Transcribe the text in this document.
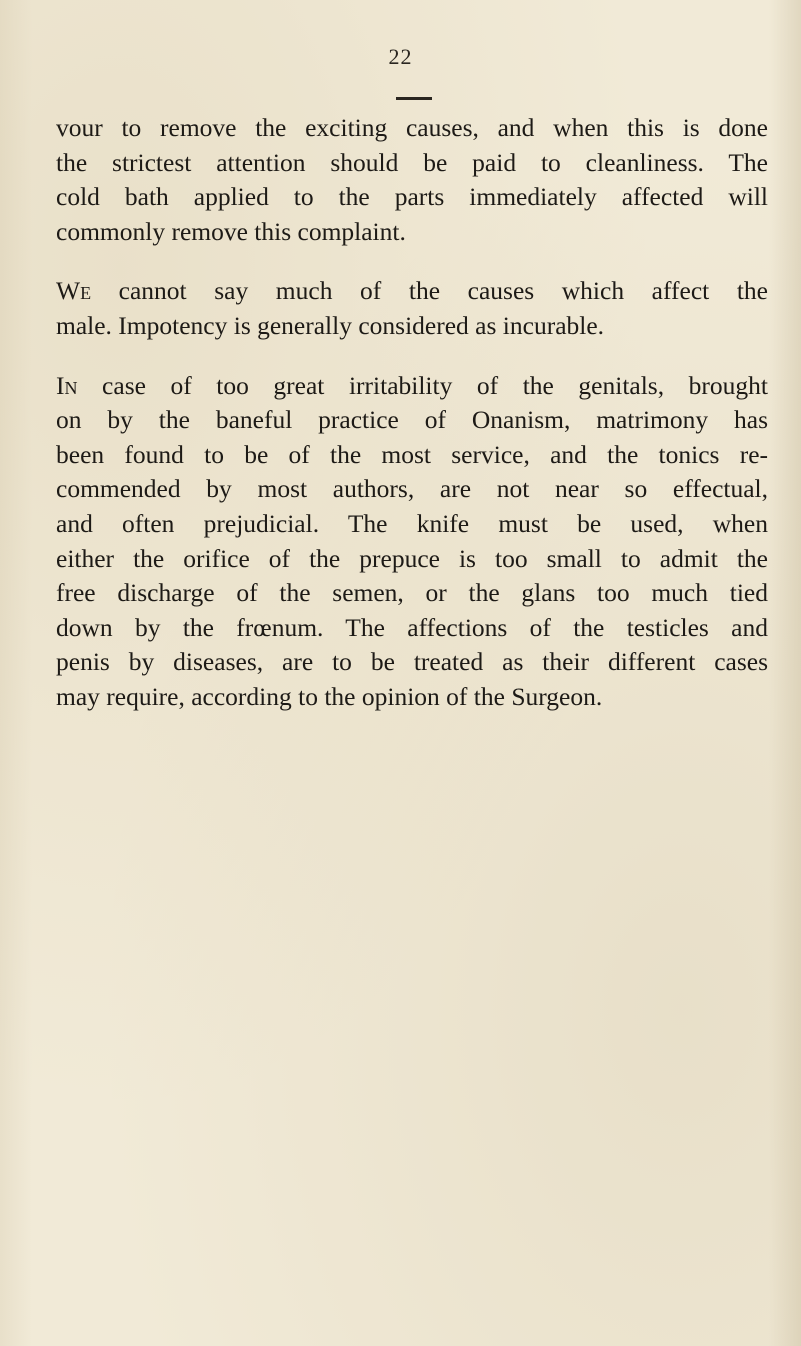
22
vour to remove the exciting causes, and when this is done
the strictest attention should be paid to cleanliness. The
cold bath applied to the parts immediately affected will
commonly remove this complaint.
We cannot say much of the causes which affect the
male. Impotency is generally considered as incurable.
In case of too great irritability of the genitals, brought
on by the baneful practice of Onanism, matrimony has
been found to be of the most service, and the tonics re-
commended by most authors, are not near so effectual,
and often prejudicial. The knife must be used, when
either the orifice of the prepuce is too small to admit the
free discharge of the semen, or the glans too much tied
down by the frœnum. The affections of the testicles and
penis by diseases, are to be treated as their different cases
may require, according to the opinion of the Surgeon.
